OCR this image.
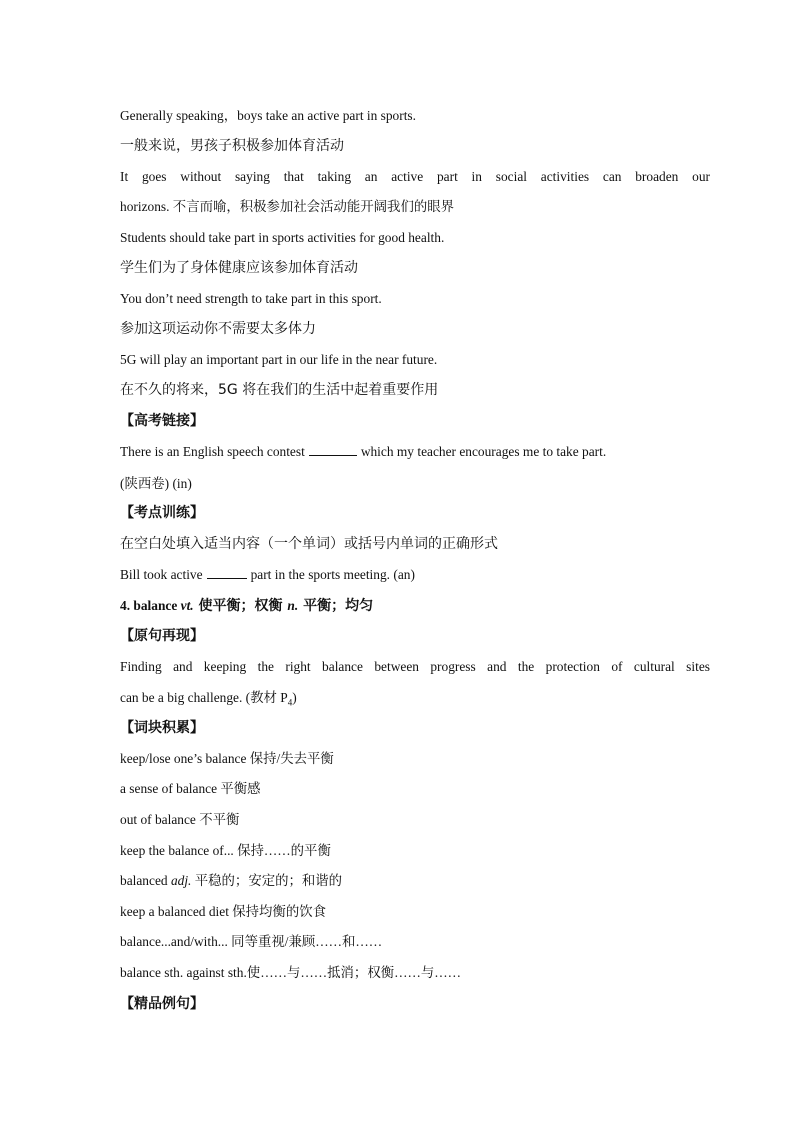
Generally speaking，boys take an active part in sports.
一般来说，男孩子积极参加体育活动
It goes without saying that taking an active part in social activities can broaden our
horizons. 不言而喻，积极参加社会活动能开阔我们的眼界
Students should take part in sports activities for good health.
学生们为了身体健康应该参加体育活动
You don’t need strength to take part in this sport.
参加这项运动你不需要太多体力
5G will play an important part in our life in the near future.
在不久的将来，5G 将在我们的生活中起着重要作用
【高考链接】
There is an English speech contest	which my teacher encourages me to take part.
(陕西卷) (in)
【考点训练】
在空白处填入适当内容（一个单词）或括号内单词的正确形式
Bill took active	part in the sports meeting. (an)
4. balance vt. 使平衡；权衡 n. 平衡；均匀
【原句再现】
Finding and keeping the right balance between progress and the protection of cultural sites
can be a big challenge. (教材 $P_4$)
【词块积累】
keep/lose one’s balance 保持/失去平衡
a sense of balance 平衡感
out of balance 不平衡
keep the balance of... 保持……的平衡
balanced adj. 平稳的；安定的；和谐的
keep a balanced diet 保持均衡的饮食
balance...and/with... 同等重视/兼顾……和……
balance sth. against sth.使……与……抵消；权衡……与……
【精品例句】
